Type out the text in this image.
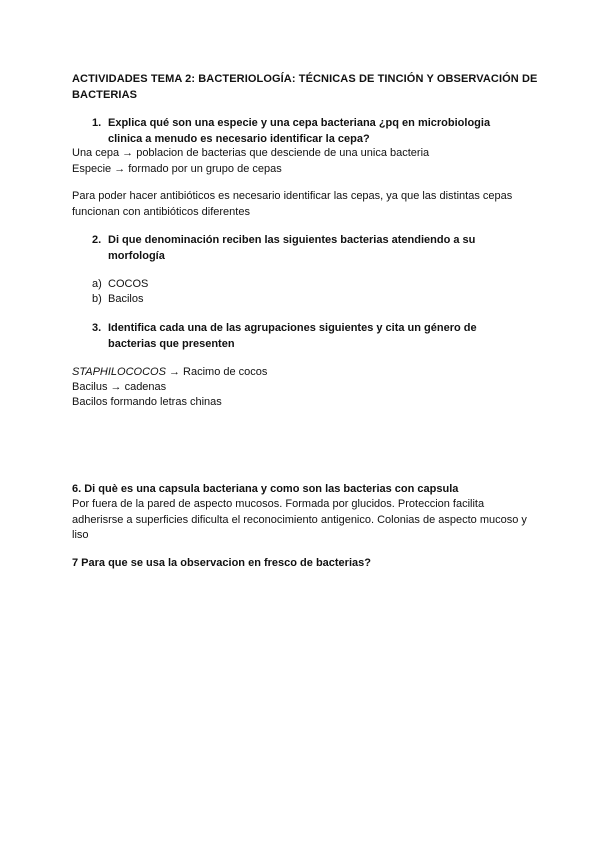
ACTIVIDADES TEMA 2: BACTERIOLOGÍA: TÉCNICAS DE TINCIÓN Y OBSERVACIÓN DE BACTERIAS
1. Explica qué son una especie y una cepa bacteriana ¿pq en microbiologia clinica a menudo es necesario identificar la cepa?
Una cepa → poblacion de bacterias que desciende de una unica bacteria
Especie → formado por un grupo de cepas
Para poder hacer antibióticos es necesario identificar las cepas, ya que las distintas cepas funcionan con antibióticos diferentes
2. Di que denominación reciben las siguientes bacterias atendiendo a su morfología
a) COCOS
b) Bacilos
3. Identifica cada una de las agrupaciones siguientes y cita un género de bacterias que presenten
STAPHILOCOCOS → Racimo de cocos
Bacilus → cadenas
Bacilos formando letras chinas
6. Di què es una capsula bacteriana y como son las bacterias con capsula
Por fuera de la pared de aspecto mucosos. Formada por glucidos. Proteccion facilita adherisrse a superficies dificulta el reconocimiento antigenico. Colonias de aspecto mucoso y liso
7 Para que se usa la observacion en fresco de bacterias?
